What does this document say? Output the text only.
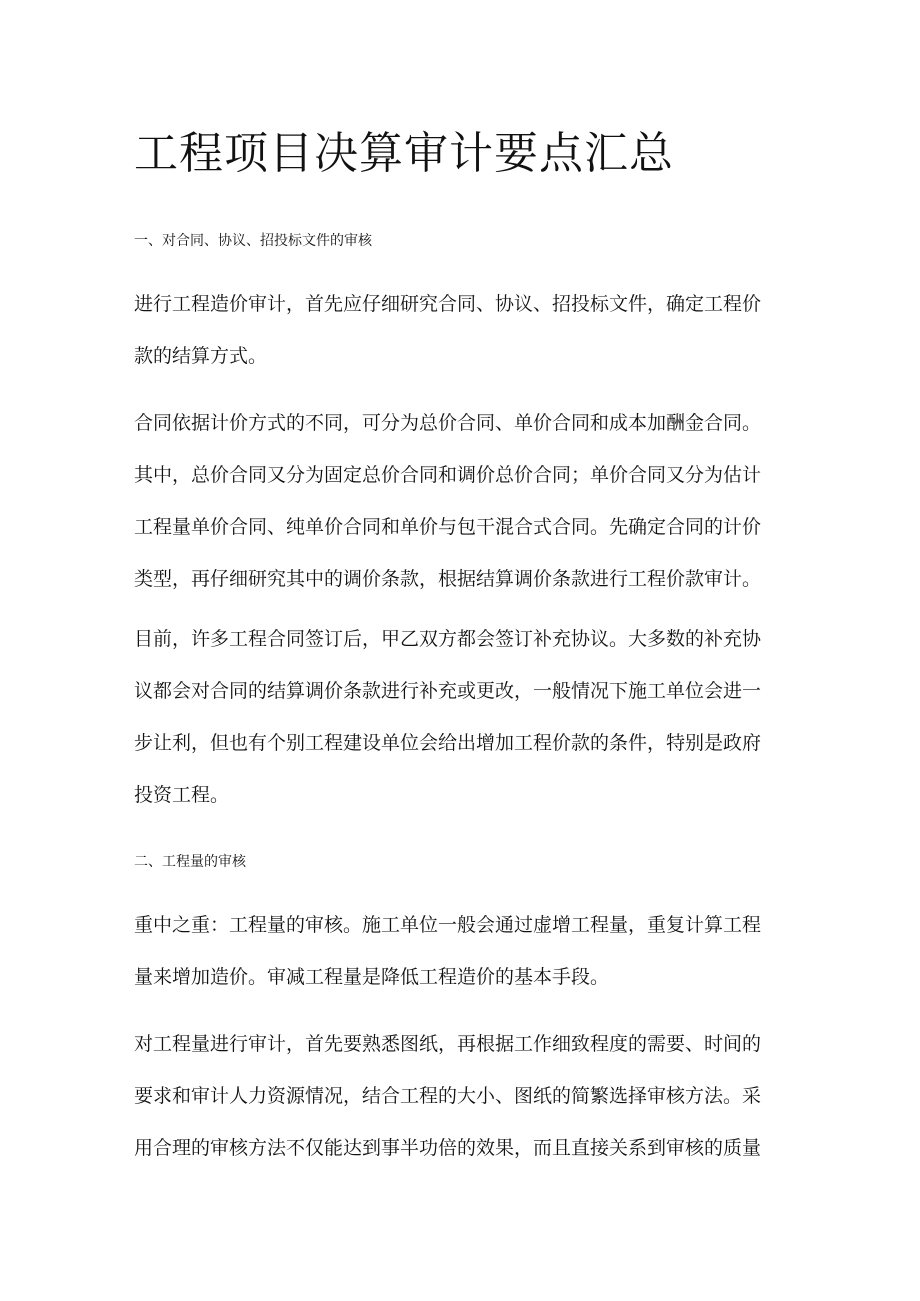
工程项目决算审计要点汇总
一、对合同、协议、招投标文件的审核

进行工程造价审计，首先应仔细研究合同、协议、招投标文件，确定工程价
款的结算方式。

合同依据计价方式的不同，可分为总价合同、单价合同和成本加酬金合同。
其中，总价合同又分为固定总价合同和调价总价合同；单价合同又分为估计
工程量单价合同、纯单价合同和单价与包干混合式合同。先确定合同的计价
类型，再仔细研究其中的调价条款，根据结算调价条款进行工程价款审计。

目前，许多工程合同签订后，甲乙双方都会签订补充协议。大多数的补充协
议都会对合同的结算调价条款进行补充或更改，一般情况下施工单位会进一
步让利，但也有个别工程建设单位会给出增加工程价款的条件，特别是政府
投资工程。

二、工程量的审核

重中之重：工程量的审核。施工单位一般会通过虚增工程量，重复计算工程
量来增加造价。审减工程量是降低工程造价的基本手段。

对工程量进行审计，首先要熟悉图纸，再根据工作细致程度的需要、时间的
要求和审计人力资源情况，结合工程的大小、图纸的简繁选择审核方法。采
用合理的审核方法不仅能达到事半功倍的效果，而且直接关系到审核的质量
